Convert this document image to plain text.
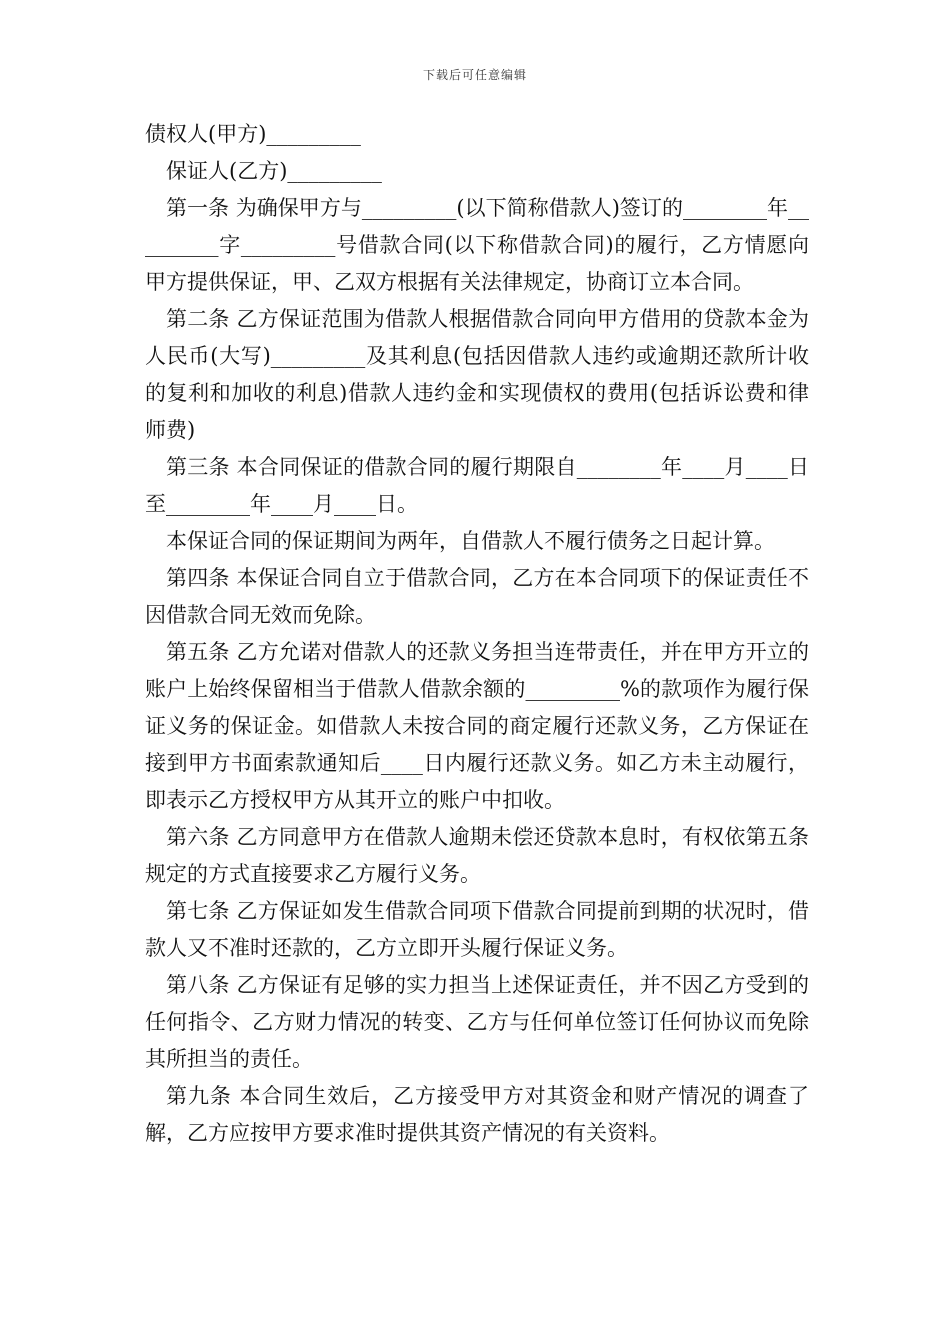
下载后可任意编辑

债权人(甲方)_________

保证人(乙方)_________

第一条 为确保甲方与_________(以下简称借款人)签订的________年_________字_________号借款合同(以下称借款合同)的履行，乙方情愿向甲方提供保证，甲、乙双方根据有关法律规定，协商订立本合同。

第二条 乙方保证范围为借款人根据借款合同向甲方借用的贷款本金为人民币(大写)_________及其利息(包括因借款人违约或逾期还款所计收的复利和加收的利息)借款人违约金和实现债权的费用(包括诉讼费和律师费)

第三条 本合同保证的借款合同的履行期限自________年____月____日至________年____月____日。

本保证合同的保证期间为两年，自借款人不履行债务之日起计算。

第四条 本保证合同自立于借款合同，乙方在本合同项下的保证责任不因借款合同无效而免除。

第五条 乙方允诺对借款人的还款义务担当连带责任，并在甲方开立的账户上始终保留相当于借款人借款余额的_________%的款项作为履行保证义务的保证金。如借款人未按合同的商定履行还款义务，乙方保证在接到甲方书面索款通知后____日内履行还款义务。如乙方未主动履行，即表示乙方授权甲方从其开立的账户中扣收。

第六条 乙方同意甲方在借款人逾期未偿还贷款本息时，有权依第五条规定的方式直接要求乙方履行义务。

第七条 乙方保证如发生借款合同项下借款合同提前到期的状况时，借款人又不准时还款的，乙方立即开头履行保证义务。

第八条 乙方保证有足够的实力担当上述保证责任，并不因乙方受到的任何指令、乙方财力情况的转变、乙方与任何单位签订任何协议而免除其所担当的责任。

第九条 本合同生效后，乙方接受甲方对其资金和财产情况的调查了解，乙方应按甲方要求准时提供其资产情况的有关资料。
